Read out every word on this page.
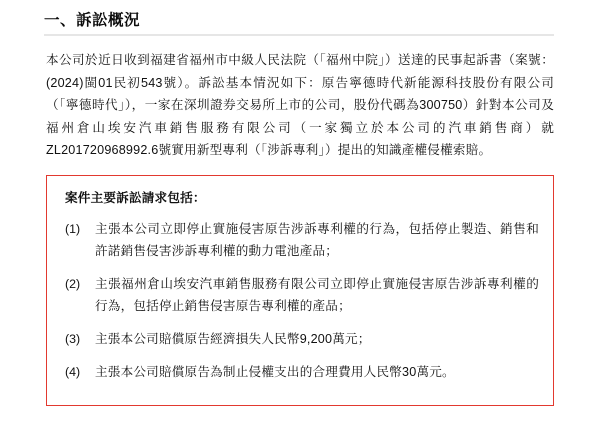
一、 訴訟概況
本公司於近日收到福建省福州市中級人民法院（「福州中院」）送達的民事起訴書（案號：(2024)閩01民初543號）。訴訟基本情況如下：原告寧德時代新能源科技股份有限公司（「寧德時代」），一家在深圳證券交易所上市的公司，股份代碼為300750）針對本公司及福州倉山埃安汽車銷售服務有限公司（一家獨立於本公司的汽車銷售商）就ZL201720968992.6號實用新型專利（「涉訴專利」）提出的知識產權侵權索賠。
案件主要訴訟請求包括：
(1)	主張本公司立即停止實施侵害原告涉訴專利權的行為，包括停止製造、銷售和許諾銷售侵害涉訴專利權的動力電池產品；
(2)	主張福州倉山埃安汽車銷售服務有限公司立即停止實施侵害原告涉訴專利權的行為，包括停止銷售侵害原告專利權的產品；
(3)	主張本公司賠償原告經濟損失人民幣9,200萬元；
(4)	主張本公司賠償原告為制止侵權支出的合理費用人民幣30萬元。
